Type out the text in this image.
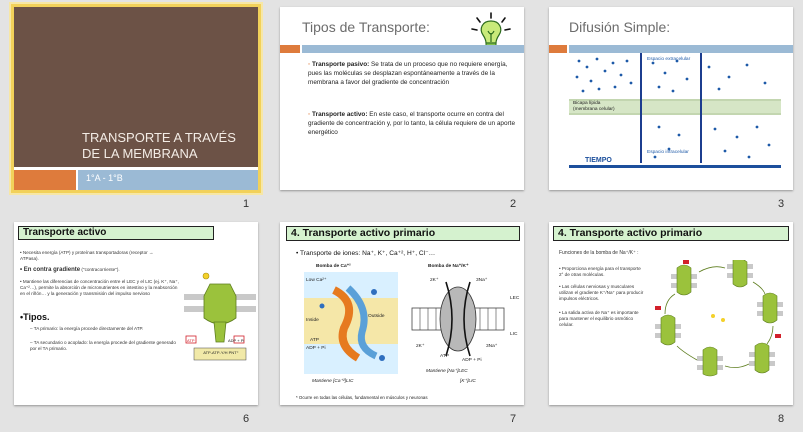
TRANSPORTE A TRAVÉS DE LA MEMBRANA
1°A - 1°B
1
Tipos de Transporte:
▫ Transporte pasivo: Se trata de un proceso que no requiere energía, pues las moléculas se desplazan espontáneamente a través de la membrana a favor del gradiente de concentración
▫ Transporte activo: En este caso, el transporte ocurre en contra del gradiente de concentración y, por lo tanto, la célula requiere de un aporte energético
2
Difusión Simple:
Espacio extracelular
Bicapa lípida (membrana celular)
Espacio intracelular
TIEMPO
3
Transporte activo
• Necesita energía (ATP) y proteínas transportadoras (receptor → ATPasa).
• En contra gradiente ("contracorriente").
• Mantiene las diferencias de concentración entre el LEC y el LIC (ej. K⁺, Na⁺, Ca⁺²…), permite la absorción de micronutrientes en intestino y la reabsorción en el riñón… y la generación y transmisión del impulso nervioso
•Tipos.
– TA primario: la energía procede directamente del ATP.
– TA secundario o acoplado: la energía procede del gradiente generado por el TA primario.
ATP	ADP + Pi
ATP-ATP-Y/H PNT⁺
6
4. Transporte activo primario
• Transporte de iones: Na⁺, K⁺, Ca⁺², H⁺, Cl⁻…
Bomba de Ca⁺²	Bomba de Na⁺/K⁺
Low Ca²⁺
Outside
Inside
ATP
ADP + Pi
Mantiene [Ca⁺²]LIC
2K⁺	3Na⁺
LEC
LIC
2K⁺	3Na⁺
ATP
ADP + Pi
Mantiene [Na⁺]LEC
[K⁺]LIC
* Ocurre en todas las células, fundamental en músculos y neuronas
7
4. Transporte activo primario
Funciones de la bomba de Na⁺/K⁺ :
• Proporciona energía para el transporte 2° de otras moléculas.
• Las células nerviosas y musculares utilizan el gradiente K⁺/Na⁺ para producir impulsos eléctricos.
• La salida activa de Na⁺ es importante para mantener el equilibrio osmótico celular.
8
